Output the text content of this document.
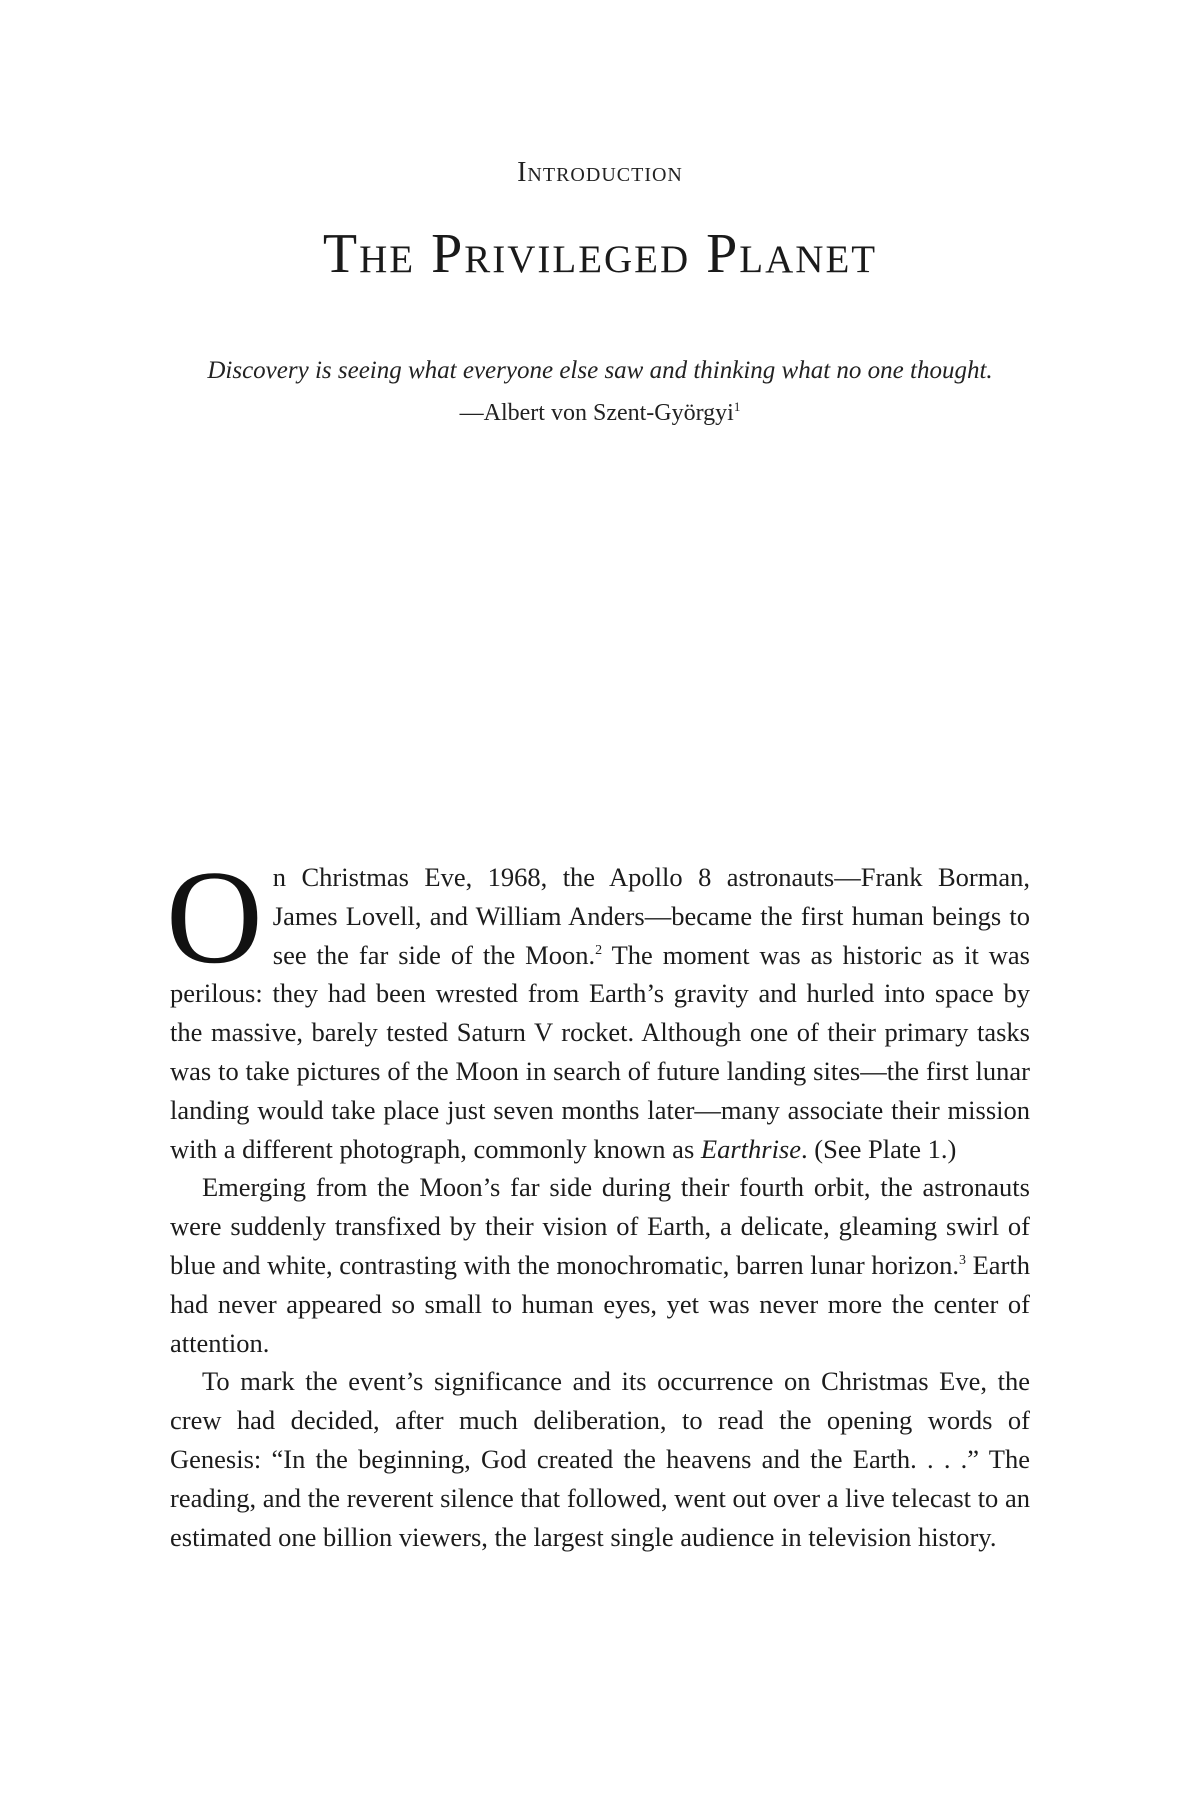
Introduction
The Privileged Planet
Discovery is seeing what everyone else saw and thinking what no one thought.
—Albert von Szent-Györgyi$^1$

On Christmas Eve, 1968, the Apollo 8 astronauts—Frank Borman, James Lovell, and William Anders—became the first human beings to see the far side of the Moon.$^2$ The moment was as historic as it was perilous: they had been wrested from Earth’s gravity and hurled into space by the massive, barely tested Saturn V rocket. Although one of their primary tasks was to take pictures of the Moon in search of future landing sites—the first lunar landing would take place just seven months later—many associate their mission with a different photograph, commonly known as Earthrise. (See Plate 1.)

Emerging from the Moon’s far side during their fourth orbit, the astronauts were suddenly transfixed by their vision of Earth, a delicate, gleaming swirl of blue and white, contrasting with the monochromatic, barren lunar horizon.$^3$ Earth had never appeared so small to human eyes, yet was never more the center of attention.

To mark the event’s significance and its occurrence on Christmas Eve, the crew had decided, after much deliberation, to read the opening words of Genesis: “In the beginning, God created the heavens and the Earth. . . .” The reading, and the reverent silence that followed, went out over a live telecast to an estimated one billion viewers, the largest single audience in television history.
